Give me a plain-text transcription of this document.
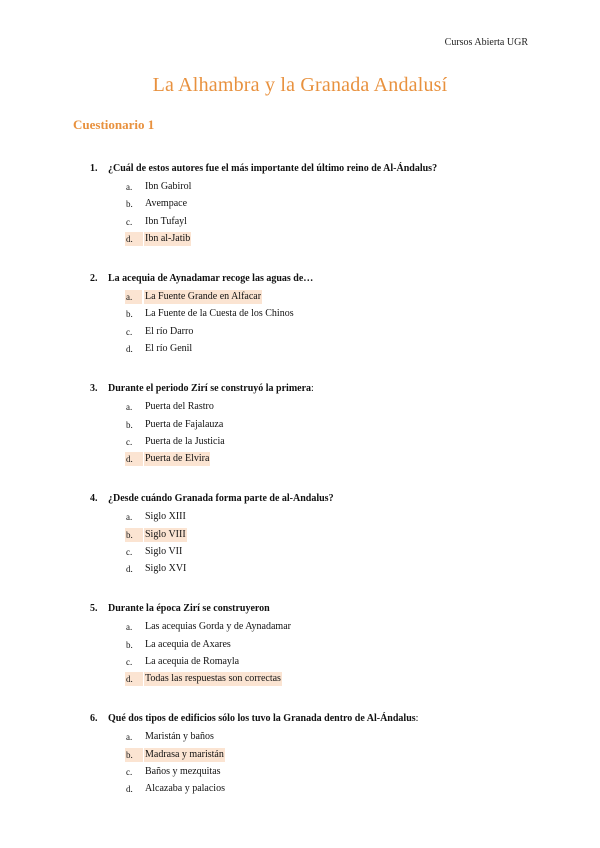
Cursos Abierta UGR
La Alhambra y la Granada Andalusí
Cuestionario 1
1. ¿Cuál de estos autores fue el más importante del último reino de Al-Ándalus?
a. Ibn Gabirol
b. Avempace
c. Ibn Tufayl
d.	Ibn al-Jatib
2. La acequia de Aynadamar recoge las aguas de…
a.	La Fuente Grande en Alfacar
b. La Fuente de la Cuesta de los Chinos
c. El río Darro
d. El río Genil
3. Durante el periodo Zirí se construyó la primera:
a. Puerta del Rastro
b. Puerta de Fajalauza
c. Puerta de la Justicia
d.	Puerta de Elvira
4. ¿Desde cuándo Granada forma parte de al-Andalus?
a. Siglo XIII
b.	Siglo VIII
c. Siglo VII
d. Siglo XVI
5. Durante la época Zirí se construyeron
a. Las acequias Gorda y de Aynadamar
b. La acequia de Axares
c. La acequia de Romayla
d.	Todas las respuestas son correctas
6. Qué dos tipos de edificios sólo los tuvo la Granada dentro de Al-Ándalus:
a. Maristán y baños
b.	Madrasa y maristán
c. Baños y mezquitas
d. Alcazaba y palacios
